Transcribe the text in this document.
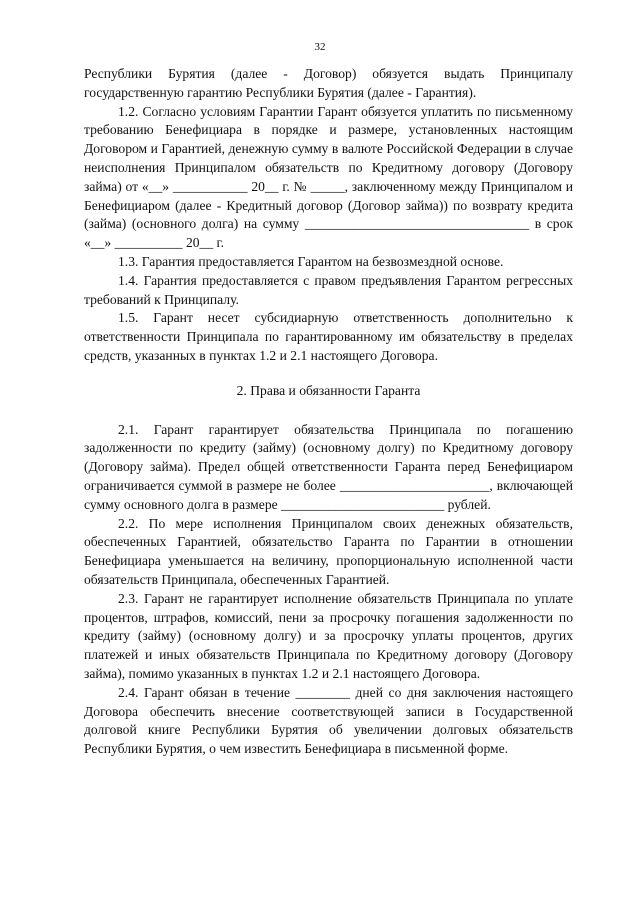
32

Республики Бурятия (далее - Договор) обязуется выдать Принципалу государственную гарантию Республики Бурятия (далее - Гарантия).

1.2. Согласно условиям Гарантии Гарант обязуется уплатить по письменному требованию Бенефициара в порядке и размере, установленных настоящим Договором и Гарантией, денежную сумму в валюте Российской Федерации в случае неисполнения Принципалом обязательств по Кредитному договору (Договору займа) от «__» ___________ 20__ г. № _____, заключенному между Принципалом и Бенефициаром (далее - Кредитный договор (Договор займа)) по возврату кредита (займа) (основного долга) на сумму _________________________________ в срок «__» __________ 20__ г.

1.3. Гарантия предоставляется Гарантом на безвозмездной основе.

1.4. Гарантия предоставляется с правом предъявления Гарантом регрессных требований к Принципалу.

1.5. Гарант несет субсидиарную ответственность дополнительно к ответственности Принципала по гарантированному им обязательству в пределах средств, указанных в пунктах 1.2 и 2.1 настоящего Договора.

2. Права и обязанности Гаранта

2.1. Гарант гарантирует обязательства Принципала по погашению задолженности по кредиту (займу) (основному долгу) по Кредитному договору (Договору займа). Предел общей ответственности Гаранта перед Бенефициаром ограничивается суммой в размере не более ______________________, включающей сумму основного долга в размере ________________________ рублей.

2.2. По мере исполнения Принципалом своих денежных обязательств, обеспеченных Гарантией, обязательство Гаранта по Гарантии в отношении Бенефициара уменьшается на величину, пропорциональную исполненной части обязательств Принципала, обеспеченных Гарантией.

2.3. Гарант не гарантирует исполнение обязательств Принципала по уплате процентов, штрафов, комиссий, пени за просрочку погашения задолженности по кредиту (займу) (основному долгу) и за просрочку уплаты процентов, других платежей и иных обязательств Принципала по Кредитному договору (Договору займа), помимо указанных в пунктах 1.2 и 2.1 настоящего Договора.

2.4. Гарант обязан в течение ________ дней со дня заключения настоящего Договора обеспечить внесение соответствующей записи в Государственной долговой книге Республики Бурятия об увеличении долговых обязательств Республики Бурятия, о чем известить Бенефициара в письменной форме.
